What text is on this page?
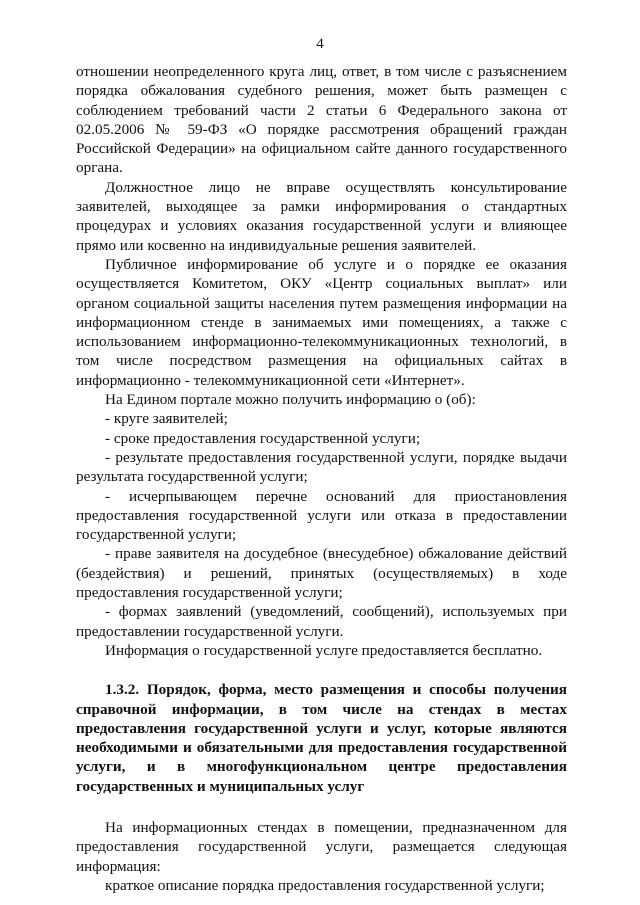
4

отношении неопределенного круга лиц, ответ, в том числе с разъяснением порядка обжалования судебного решения, может быть размещен с соблюдением требований части 2 статьи 6 Федерального закона от 02.05.2006 № 59-ФЗ «О порядке рассмотрения обращений граждан Российской Федерации» на официальном сайте данного государственного органа.

Должностное лицо не вправе осуществлять консультирование заявителей, выходящее за рамки информирования о стандартных процедурах и условиях оказания государственной услуги и влияющее прямо или косвенно на индивидуальные решения заявителей.

Публичное информирование об услуге и о порядке ее оказания осуществляется Комитетом, ОКУ «Центр социальных выплат» или органом социальной защиты населения путем размещения информации на информационном стенде в занимаемых ими помещениях, а также с использованием информационно-телекоммуникационных технологий, в том числе посредством размещения на официальных сайтах в информационно - телекоммуникационной сети «Интернет».

На Едином портале можно получить информацию о (об):

- круге заявителей;

- сроке предоставления государственной услуги;

- результате предоставления государственной услуги, порядке выдачи результата государственной услуги;

- исчерпывающем перечне оснований для приостановления предоставления государственной услуги или отказа в предоставлении государственной услуги;

- праве заявителя на досудебное (внесудебное) обжалование действий (бездействия) и решений, принятых (осуществляемых) в ходе предоставления государственной услуги;

- формах заявлений (уведомлений, сообщений), используемых при предоставлении государственной услуги.

Информация о государственной услуге предоставляется бесплатно.

1.3.2. Порядок, форма, место размещения и способы получения справочной информации, в том числе на стендах в местах предоставления государственной услуги и услуг, которые являются необходимыми и обязательными для предоставления государственной услуги, и в многофункциональном центре предоставления государственных и муниципальных услуг

На информационных стендах в помещении, предназначенном для предоставления государственной услуги, размещается следующая информация:

краткое описание порядка предоставления государственной услуги;
